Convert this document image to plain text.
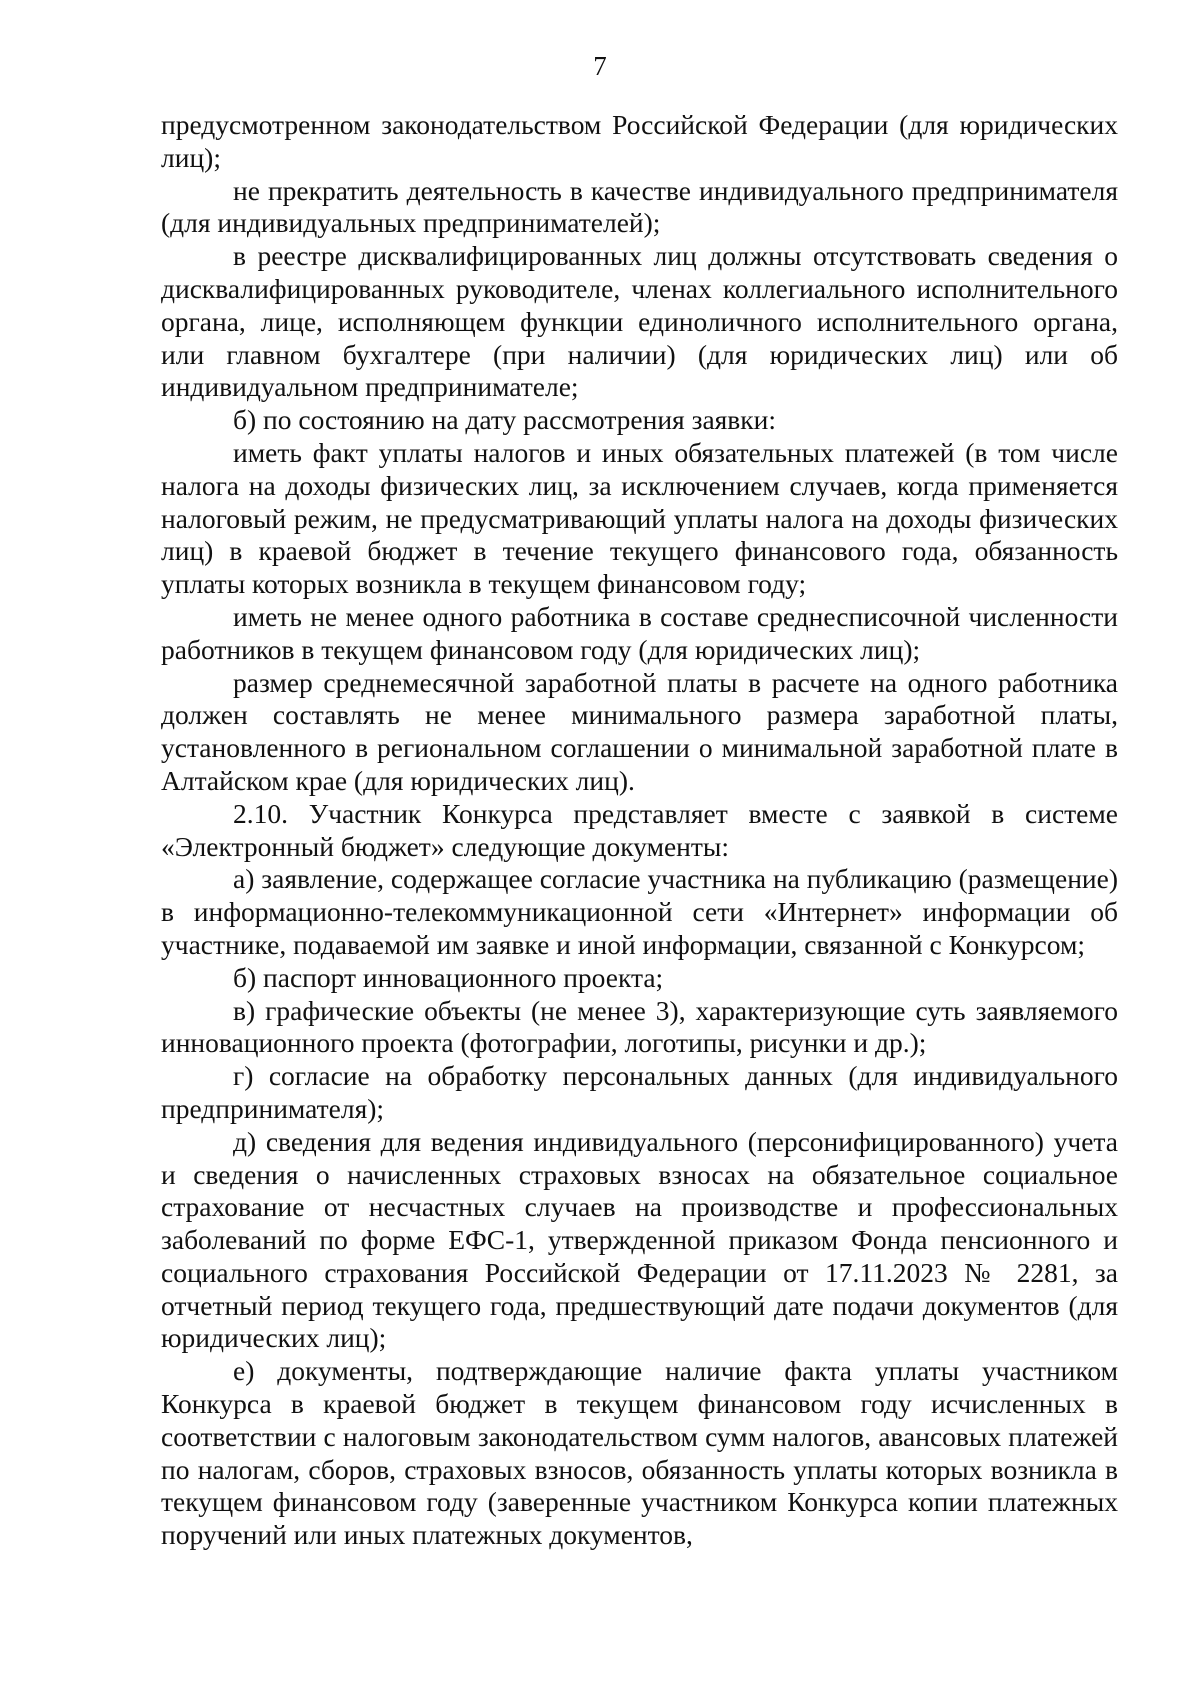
7

предусмотренном законодательством Российской Федерации (для юридических лиц);

не прекратить деятельность в качестве индивидуального предпринимателя (для индивидуальных предпринимателей);

в реестре дисквалифицированных лиц должны отсутствовать сведения о дисквалифицированных руководителе, членах коллегиального исполнительного органа, лице, исполняющем функции единоличного исполнительного органа, или главном бухгалтере (при наличии) (для юридических лиц) или об индивидуальном предпринимателе;

б) по состоянию на дату рассмотрения заявки:

иметь факт уплаты налогов и иных обязательных платежей (в том числе налога на доходы физических лиц, за исключением случаев, когда применяется налоговый режим, не предусматривающий уплаты налога на доходы физических лиц) в краевой бюджет в течение текущего финансового года, обязанность уплаты которых возникла в текущем финансовом году;

иметь не менее одного работника в составе среднесписочной численности работников в текущем финансовом году (для юридических лиц);

размер среднемесячной заработной платы в расчете на одного работника должен составлять не менее минимального размера заработной платы, установленного в региональном соглашении о минимальной заработной плате в Алтайском крае (для юридических лиц).

2.10. Участник Конкурса представляет вместе с заявкой в системе «Электронный бюджет» следующие документы:

а) заявление, содержащее согласие участника на публикацию (размещение) в информационно-телекоммуникационной сети «Интернет» информации об участнике, подаваемой им заявке и иной информации, связанной с Конкурсом;

б) паспорт инновационного проекта;

в) графические объекты (не менее 3), характеризующие суть заявляемого инновационного проекта (фотографии, логотипы, рисунки и др.);

г) согласие на обработку персональных данных (для индивидуального предпринимателя);

д) сведения для ведения индивидуального (персонифицированного) учета и сведения о начисленных страховых взносах на обязательное социальное страхование от несчастных случаев на производстве и профессиональных заболеваний по форме ЕФС-1, утвержденной приказом Фонда пенсионного и социального страхования Российской Федерации от 17.11.2023 № 2281, за отчетный период текущего года, предшествующий дате подачи документов (для юридических лиц);

е) документы, подтверждающие наличие факта уплаты участником Конкурса в краевой бюджет в текущем финансовом году исчисленных в соответствии с налоговым законодательством сумм налогов, авансовых платежей по налогам, сборов, страховых взносов, обязанность уплаты которых возникла в текущем финансовом году (заверенные участником Конкурса копии платежных поручений или иных платежных документов,
